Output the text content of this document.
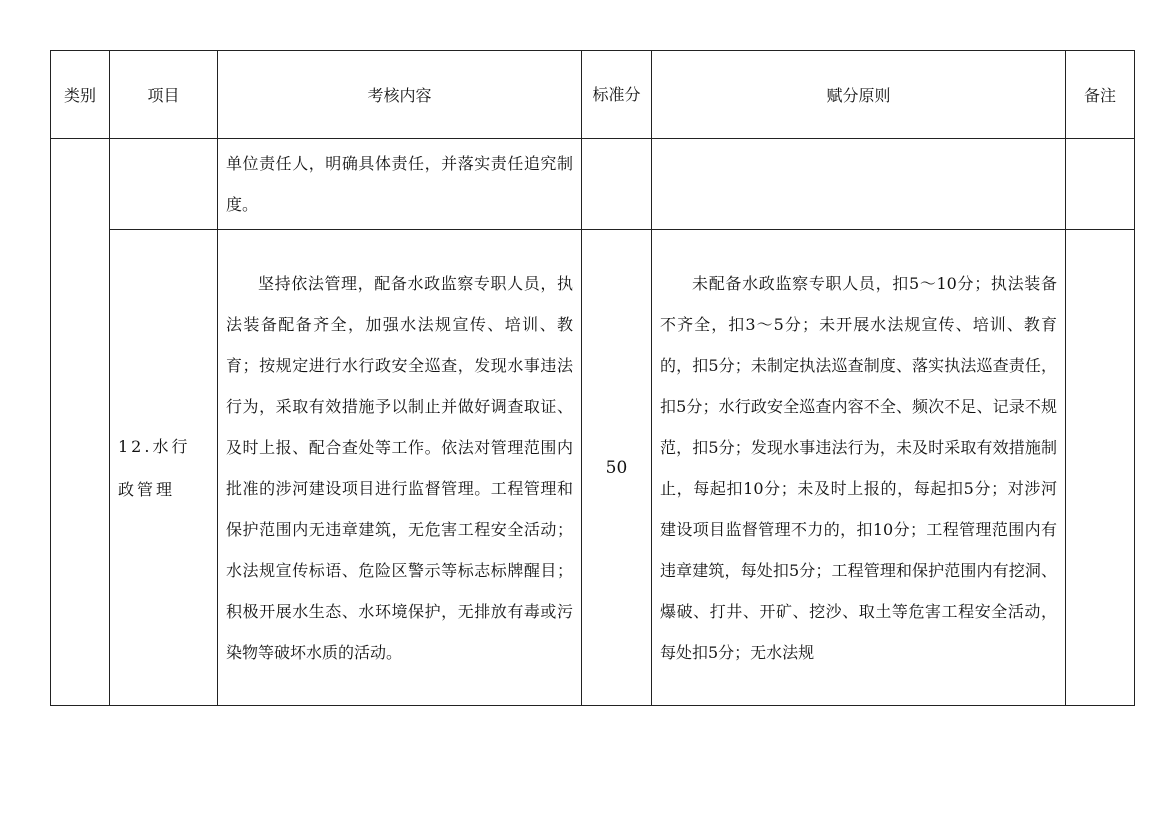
类别	项目	考核内容	标准分	赋分原则	备注
		单位责任人，明确具体责任，并落实责任追究制度。			
	12.水行政管理	坚持依法管理，配备水政监察专职人员，执法装备配备齐全，加强水法规宣传、培训、教育；按规定进行水行政安全巡查，发现水事违法行为，采取有效措施予以制止并做好调查取证、及时上报、配合查处等工作。依法对管理范围内批准的涉河建设项目进行监督管理。工程管理和保护范围内无违章建筑，无危害工程安全活动；水法规宣传标语、危险区警示等标志标牌醒目；积极开展水生态、水环境保护，无排放有毒或污染物等破坏水质的活动。	50	未配备水政监察专职人员，扣5～10分；执法装备不齐全，扣3～5分；未开展水法规宣传、培训、教育的，扣5分；未制定执法巡查制度、落实执法巡查责任，扣5分；水行政安全巡查内容不全、频次不足、记录不规范，扣5分；发现水事违法行为，未及时采取有效措施制止，每起扣10分；未及时上报的，每起扣5分；对涉河建设项目监督管理不力的，扣10分；工程管理范围内有违章建筑，每处扣5分；工程管理和保护范围内有挖洞、爆破、打井、开矿、挖沙、取土等危害工程安全活动，每处扣5分；无水法规	
